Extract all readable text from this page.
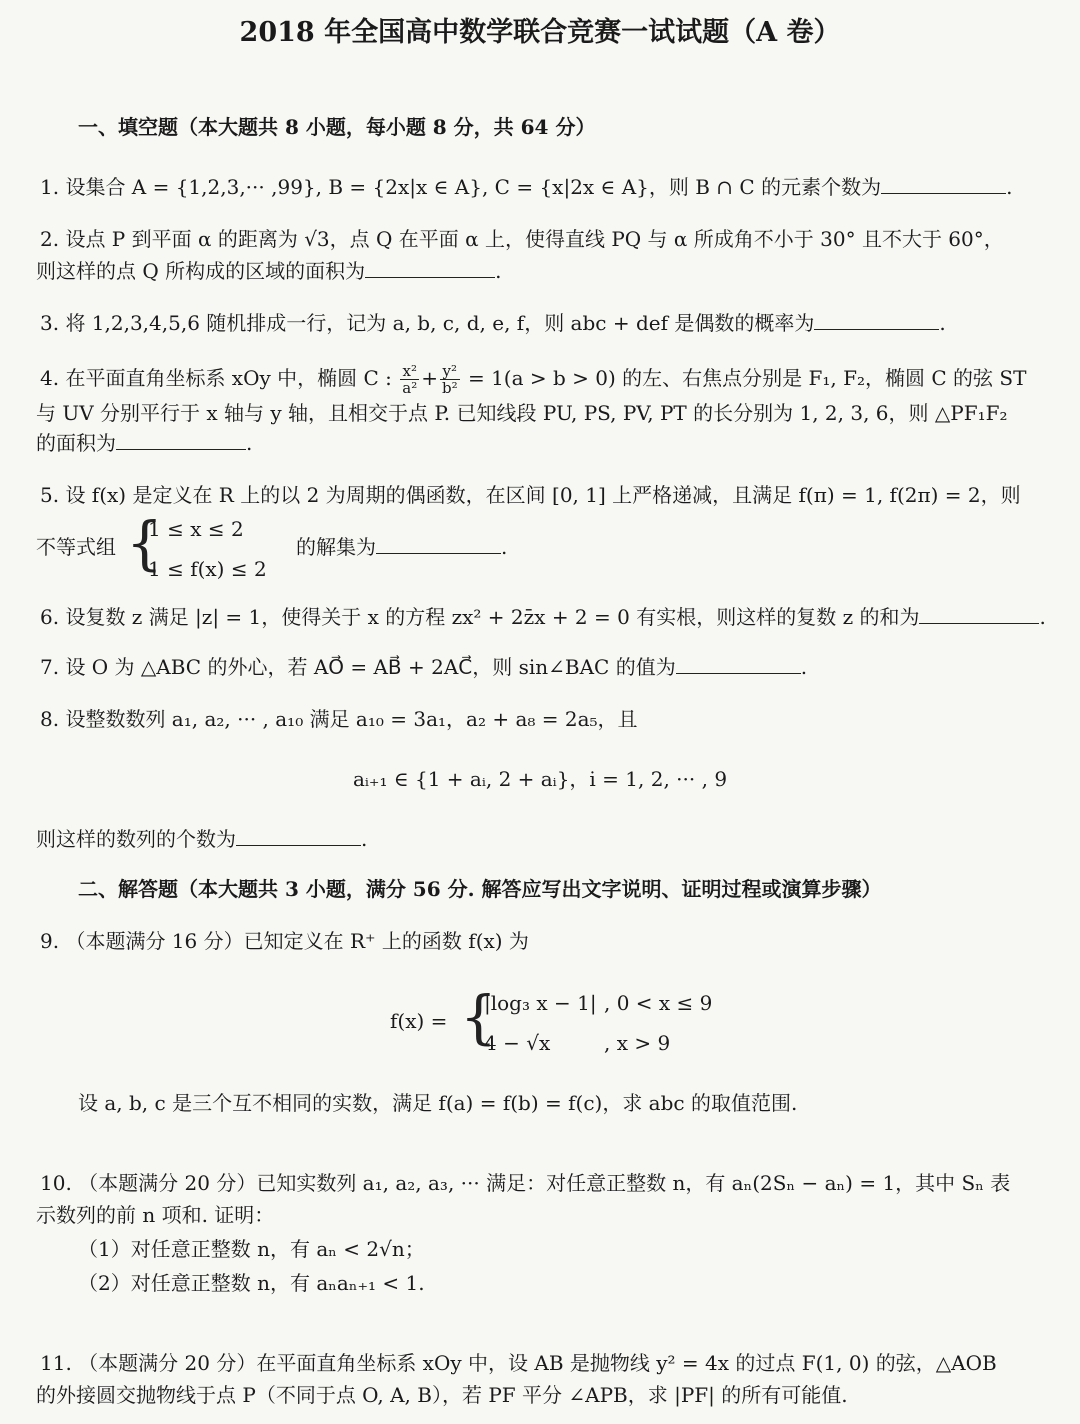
2018 年全国高中数学联合竞赛一试试题（A 卷）
一、填空题（本大题共 8 小题，每小题 8 分，共 64 分）
1. 设集合 A = {1,2,3,··· ,99}, B = {2x|x ∈ A}, C = {x|2x ∈ A}，则 B ∩ C 的元素个数为	.
2. 设点 P 到平面 α 的距离为 √3，点 Q 在平面 α 上，使得直线 PQ 与 α 所成角不小于 30° 且不大于 60°，
则这样的点 Q 所构成的区域的面积为	.
3. 将 1,2,3,4,5,6 随机排成一行，记为 a, b, c, d, e, f，则 abc + def 是偶数的概率为	.
4. 在平面直角坐标系 xOy 中，椭圆 C : $\frac{\text{x²}}{\text{a²}} + \frac{\text{y²}}{\text{b²}} = 1(a > b > 0)$ 的左、右焦点分别是 F₁, F₂，椭圆 C 的弦 ST
与 UV 分别平行于 x 轴与 y 轴，且相交于点 P. 已知线段 PU, PS, PV, PT 的长分别为 1, 2, 3, 6，则 △PF₁F₂
的面积为	.
5. 设 f(x) 是定义在 R 上的以 2 为周期的偶函数，在区间 [0, 1] 上严格递减，且满足 f(π) = 1, f(2π) = 2，则
不等式组 {
1 ≤ x ≤ 2
1 ≤ f(x) ≤ 2
的解集为	.
6. 设复数 z 满足 |z| = 1，使得关于 x 的方程 zx² + 2z̄x + 2 = 0 有实根，则这样的复数 z 的和为	.
7. 设 O 为 △ABC 的外心，若 AO⃗ = AB⃗ + 2AC⃗，则 sin∠BAC 的值为	.
8. 设整数数列 a₁, a₂, ··· , a₁₀ 满足 a₁₀ = 3a₁，a₂ + a₈ = 2a₅，且
aᵢ₊₁ ∈ {1 + aᵢ, 2 + aᵢ}，i = 1, 2, ··· , 9
则这样的数列的个数为	.
二、解答题（本大题共 3 小题，满分 56 分. 解答应写出文字说明、证明过程或演算步骤）
9. （本题满分 16 分）已知定义在 R⁺ 上的函数 f(x) 为
f(x) = {
|log₃ x − 1| , 0 < x ≤ 9
4 − √x	, x > 9
设 a, b, c 是三个互不相同的实数，满足 f(a) = f(b) = f(c)，求 abc 的取值范围.
10. （本题满分 20 分）已知实数列 a₁, a₂, a₃, ··· 满足：对任意正整数 n，有 aₙ(2Sₙ − aₙ) = 1，其中 Sₙ 表
示数列的前 n 项和. 证明：
（1）对任意正整数 n，有 aₙ < 2√n；
（2）对任意正整数 n，有 aₙaₙ₊₁ < 1.
11. （本题满分 20 分）在平面直角坐标系 xOy 中，设 AB 是抛物线 y² = 4x 的过点 F(1, 0) 的弦，△AOB
的外接圆交抛物线于点 P（不同于点 O, A, B），若 PF 平分 ∠APB，求 |PF| 的所有可能值.
